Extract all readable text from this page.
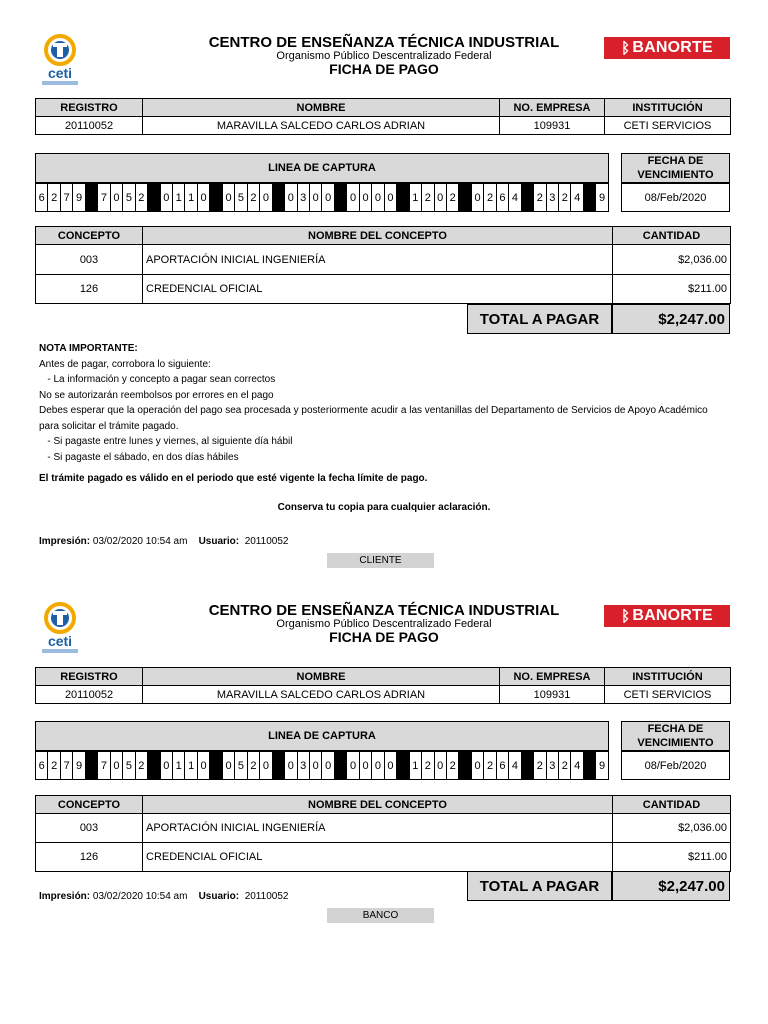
ceti
CENTRO DE ENSEÑANZA TÉCNICA INDUSTRIAL
Organismo Público Descentralizado Federal
FICHA DE PAGO
ᛒ BANORTE
REGISTRO	NOMBRE	NO. EMPRESA	INSTITUCIÓN
20110052	MARAVILLA SALCEDO CARLOS ADRIAN	109931	CETI SERVICIOS
LINEA DE CAPTURA
6 2 7 9	7 0 5 2	0 1 1 0	0 5 2 0	0 3 0 0	0 0 0 0	1 2 0 2	0 2 6 4	2 3 2 4	9
FECHA DE
VENCIMIENTO
08/Feb/2020
CONCEPTO	NOMBRE DEL CONCEPTO	CANTIDAD
003	APORTACIÓN INICIAL INGENIERÍA	$2,036.00
126	CREDENCIAL OFICIAL	$211.00
TOTAL A PAGAR	$2,247.00
NOTA IMPORTANTE:
Antes de pagar, corrobora lo siguiente:
- La información y concepto a pagar sean correctos
No se autorizarán reembolsos por errores en el pago
Debes esperar que la operación del pago sea procesada y posteriormente acudir a las ventanillas del Departamento de Servicios de Apoyo Académico
para solicitar el trámite pagado.
- Si pagaste entre lunes y viernes, al siguiente día hábil
- Si pagaste el sábado, en dos días hábiles
El trámite pagado es válido en el periodo que esté vigente la fecha límite de pago.
Conserva tu copia para cualquier aclaración.
Impresión: 03/02/2020 10:54 am Usuario: 20110052
CLIENTE
ceti
CENTRO DE ENSEÑANZA TÉCNICA INDUSTRIAL
Organismo Público Descentralizado Federal
FICHA DE PAGO
ᛒ BANORTE
REGISTRO	NOMBRE	NO. EMPRESA	INSTITUCIÓN
20110052	MARAVILLA SALCEDO CARLOS ADRIAN	109931	CETI SERVICIOS
LINEA DE CAPTURA
6 2 7 9	7 0 5 2	0 1 1 0	0 5 2 0	0 3 0 0	0 0 0 0	1 2 0 2	0 2 6 4	2 3 2 4	9
FECHA DE
VENCIMIENTO
08/Feb/2020
CONCEPTO	NOMBRE DEL CONCEPTO	CANTIDAD
003	APORTACIÓN INICIAL INGENIERÍA	$2,036.00
126	CREDENCIAL OFICIAL	$211.00
TOTAL A PAGAR	$2,247.00
Impresión: 03/02/2020 10:54 am Usuario: 20110052
BANCO
